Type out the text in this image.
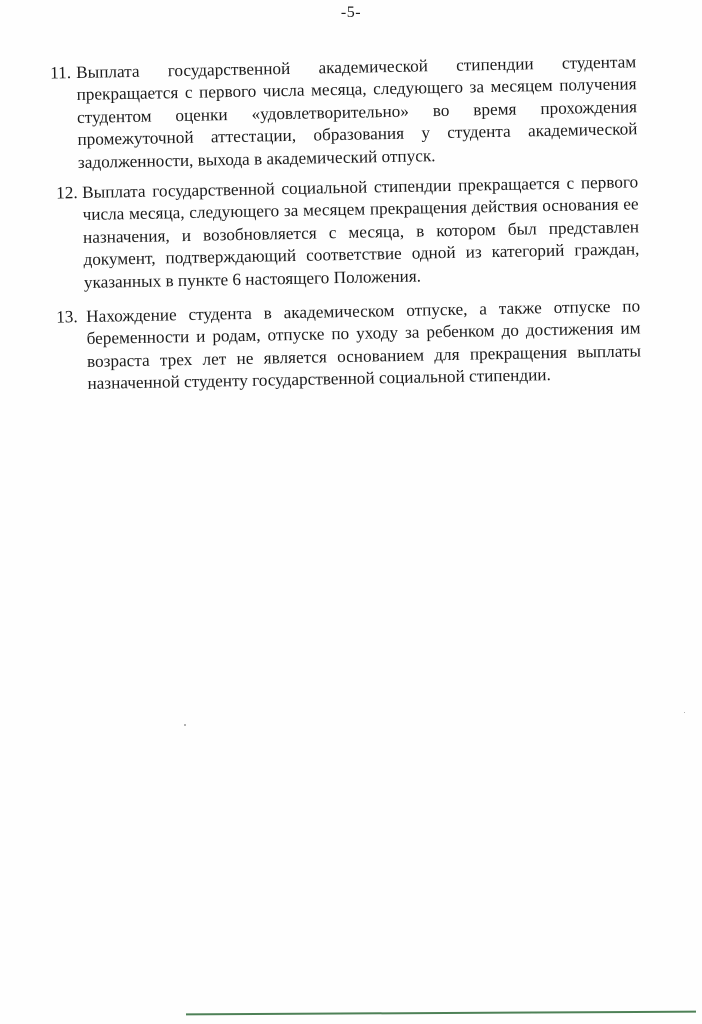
-5-
11. Выплата государственной академической стипендии студентам прекращается с первого числа месяца, следующего за месяцем получения студентом оценки «удовлетворительно» во время прохождения промежуточной аттестации, образования у студента академической задолженности, выхода в академический отпуск.
12. Выплата государственной социальной стипендии прекращается с первого числа месяца, следующего за месяцем прекращения действия основания ее назначения, и возобновляется с месяца, в котором был представлен документ, подтверждающий соответствие одной из категорий граждан, указанных в пункте 6 настоящего Положения.
13. Нахождение студента в академическом отпуске, а также отпуске по беременности и родам, отпуске по уходу за ребенком до достижения им возраста трех лет не является основанием для прекращения выплаты назначенной студенту государственной социальной стипендии.
